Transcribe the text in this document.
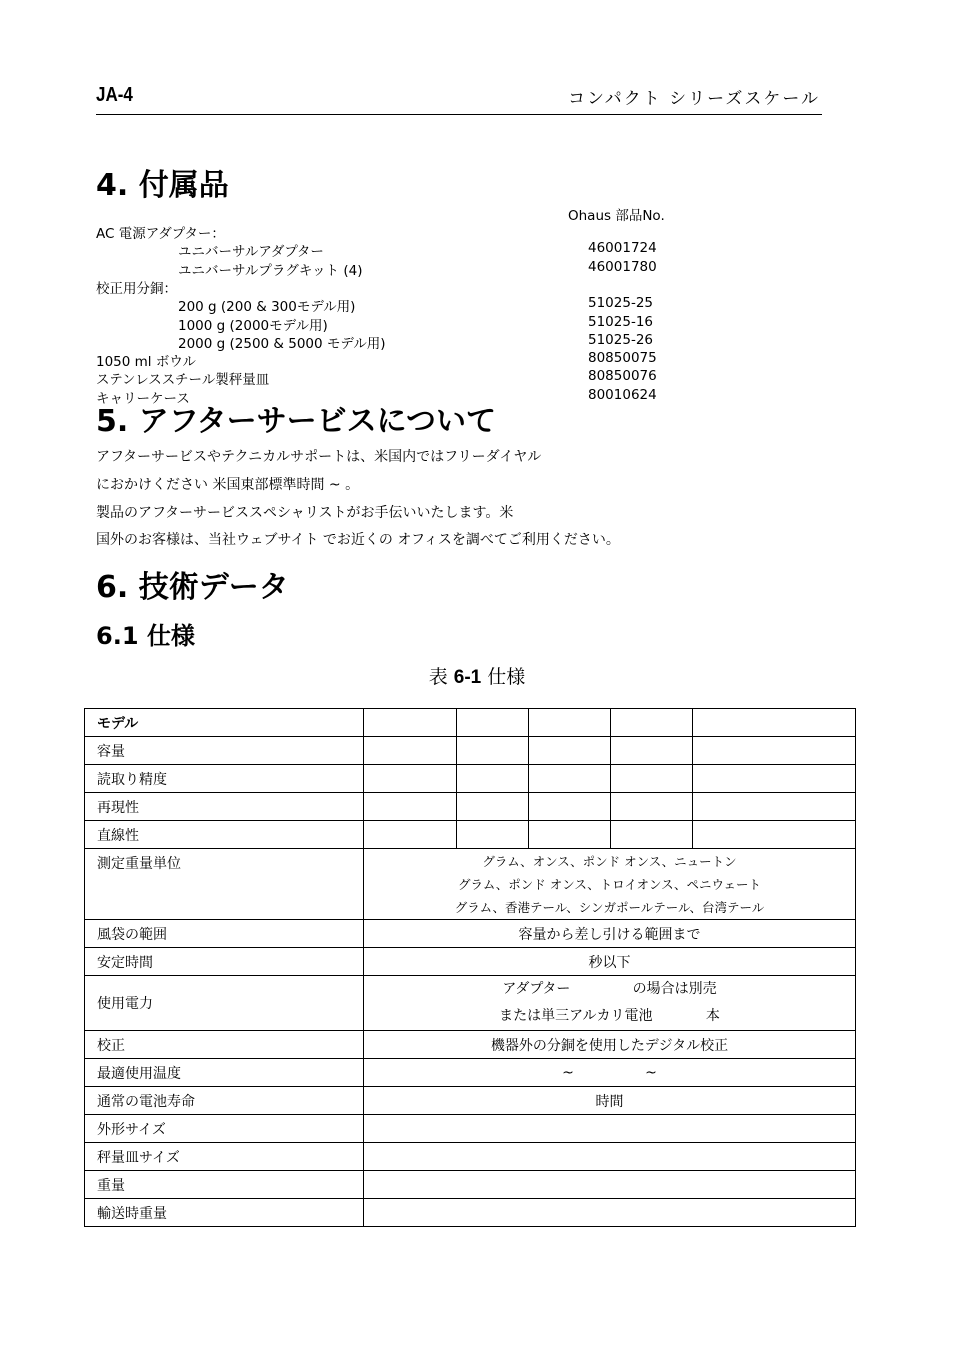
JA-4	コンパクト シリーズスケール
4. 付属品
Ohaus 部品No.
AC 電源アダプター：
ユニバーサルアダプター	46001724
ユニバーサルプラグキット (4)	46001780
校正用分銅：
200 g (200 & 300モデル用)	51025-25
1000 g (2000モデル用)	51025-16
2000 g (2500 & 5000 モデル用)	51025-26
1050 ml ボウル	80850075
ステンレススチール製秤量皿	80850076
キャリーケース	80010624
5. アフターサービスについて
アフターサービスやテクニカルサポートは、米国内ではフリーダイヤル
におかけください 米国東部標準時間 ~ 。
製品のアフターサービススペシャリストがお手伝いいたします。米
国外のお客様は、当社ウェブサイト でお近くの オフィスを調べてご利用ください。
6. 技術データ
6.1 仕様
表 6-1 仕様
モデル					
容量					
読取り精度					
再現性					
直線性					
測定重量単位	グラム、オンス、ポンド オンス、ニュートン
グラム、ポンド オンス、トロイオンス、ペニウェート
グラム、香港テール、シンガポールテール、台湾テール				

風袋の範囲	容量から差し引ける範囲まで				
安定時間	秒以下				
使用電力	アダプター              の場合は別売
または単三アルカリ電池            本				

校正	機器外の分銅を使用したデジタル校正				
最適使用温度	~                ~				
通常の電池寿命	時間				
外形サイズ					
秤量皿サイズ					
重量					
輸送時重量					
